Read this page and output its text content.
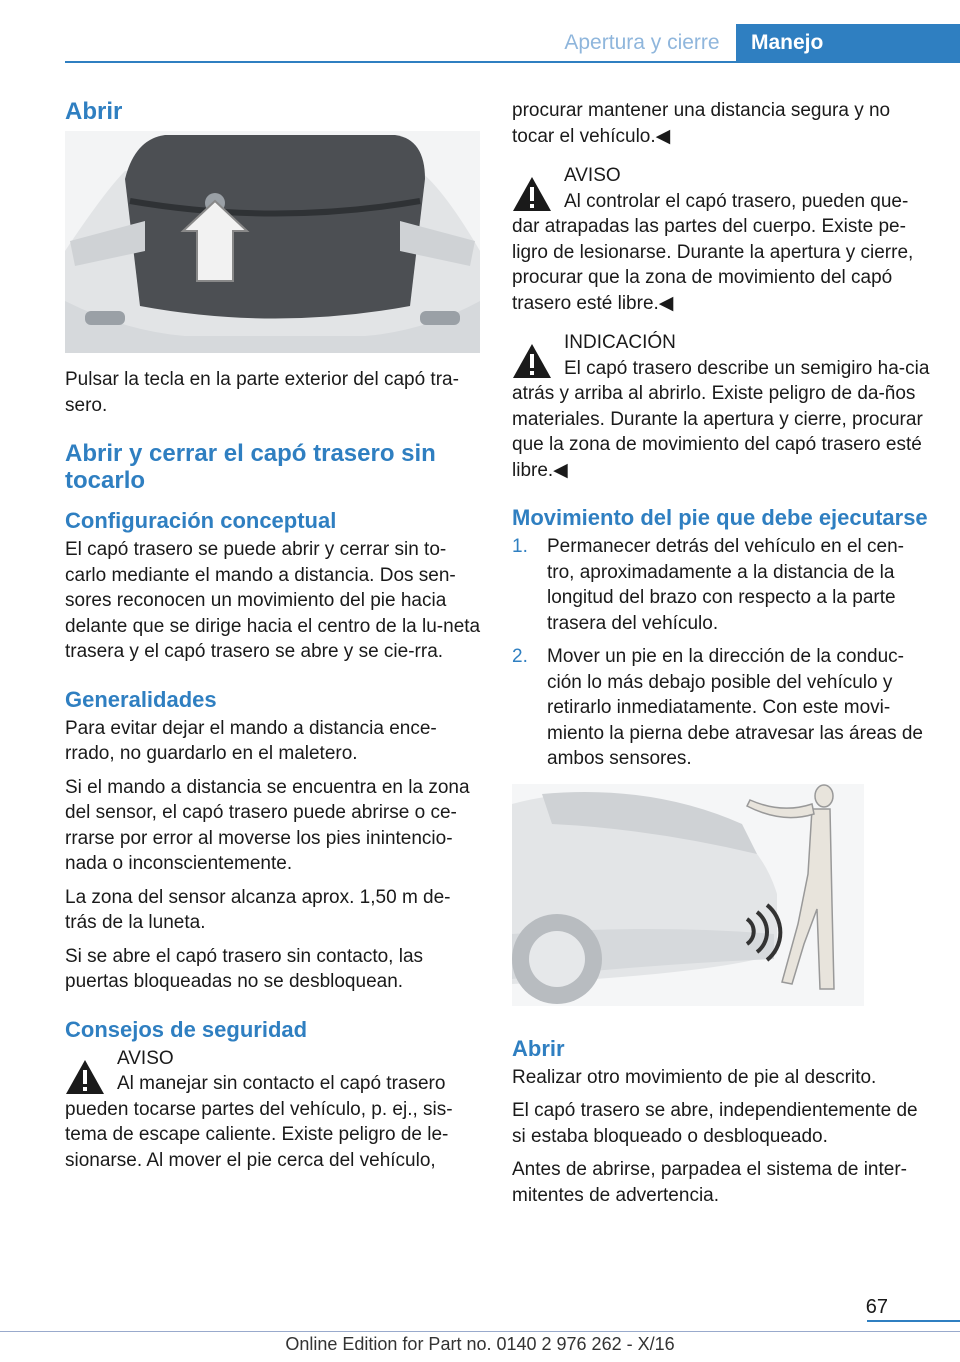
Apertura y cierre	Manejo
Abrir

Pulsar la tecla en la parte exterior del capó tra‐sero.

Abrir y cerrar el capó trasero sin tocarlo
Configuración conceptual

El capó trasero se puede abrir y cerrar sin to‐carlo mediante el mando a distancia. Dos sen‐sores reconocen un movimiento del pie hacia delante que se dirige hacia el centro de la lu‐neta trasera y el capó trasero se abre y se cie‐rra.

Generalidades

Para evitar dejar el mando a distancia ence‐rrado, no guardarlo en el maletero.

Si el mando a distancia se encuentra en la zona del sensor, el capó trasero puede abrirse o ce‐rrarse por error al moverse los pies inintencio‐nada o inconscientemente.

La zona del sensor alcanza aprox. 1,50 m de‐trás de la luneta.

Si se abre el capó trasero sin contacto, las puertas bloqueadas no se desbloquean.

Consejos de seguridad
AVISO
Al manejar sin contacto el capó trasero pueden tocarse partes del vehículo, p. ej., sis‐tema de escape caliente. Existe peligro de le‐sionarse. Al mover el pie cerca del vehículo,

procurar mantener una distancia segura y no tocar el vehículo.◀

AVISO
Al controlar el capó trasero, pueden que‐dar atrapadas las partes del cuerpo. Existe pe‐ligro de lesionarse. Durante la apertura y cierre, procurar que la zona de movimiento del capó trasero esté libre.◀
INDICACIÓN
El capó trasero describe un semigiro ha‐cia atrás y arriba al abrirlo. Existe peligro de da‐ños materiales. Durante la apertura y cierre, procurar que la zona de movimiento del capó trasero esté libre.◀
Movimiento del pie que debe ejecutarse
1. Permanecer detrás del vehículo en el cen‐tro, aproximadamente a la distancia de la longitud del brazo con respecto a la parte trasera del vehículo.
2. Mover un pie en la dirección de la conduc‐ción lo más debajo posible del vehículo y retirarlo inmediatamente. Con este movi‐miento la pierna debe atravesar las áreas de ambos sensores.
Abrir

Realizar otro movimiento de pie al descrito.

El capó trasero se abre, independientemente de si estaba bloqueado o desbloqueado.

Antes de abrirse, parpadea el sistema de inter‐mitentes de advertencia.

67
Online Edition for Part no. 0140 2 976 262 - X/16
